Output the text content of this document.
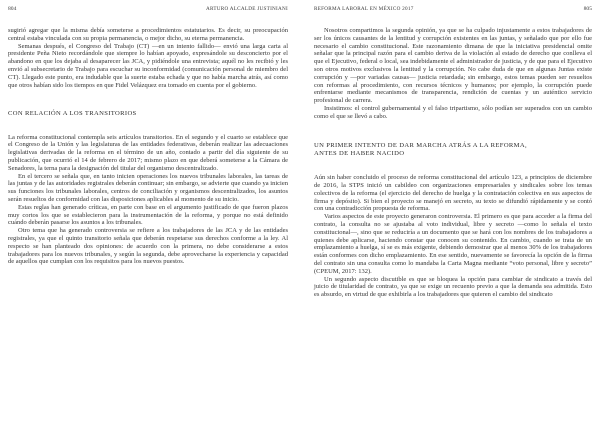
804	ARTURO ALCALDE JUSTINIANI

sugirió agregar que la misma debía someterse a procedimientos estatutarios. Es decir, su preocupación central estaba vinculada con su propia permanencia, o mejor dicho, su eterna permanencia.

Semanas después, el Congreso del Trabajo (CT) —en un intento fallido— envió una larga carta al presidente Peña Nieto recordándole que siempre lo habían apoyado, expresándole su desconcierto por el abandono en que los dejaba al desaparecer las JCA, y pidiéndole una entrevista; aquél no les recibió y les envió al subsecretario de Trabajo para escuchar su inconformidad (comunicación personal de miembro del CT). Llegado este punto, era indudable que la suerte estaba echada y que no había marcha atrás, así como que otros habían sido los tiempos en que Fidel Velázquez era tomado en cuenta por el gobierno.

CON RELACIÓN A LOS TRANSITORIOS

La reforma constitucional contempla seis artículos transitorios. En el segundo y el cuarto se establece que el Congreso de la Unión y las legislaturas de las entidades federativas, deberán realizar las adecuaciones legislativas derivadas de la reforma en el término de un año, contado a partir del día siguiente de su publicación, que ocurrió el 14 de febrero de 2017; mismo plazo en que deberá someterse a la Cámara de Senadores, la terna para la designación del titular del organismo descentralizado.

En el tercero se señala que, en tanto inicien operaciones los nuevos tribunales laborales, las tareas de las juntas y de las autoridades registrales deberán continuar; sin embargo, se advierte que cuando ya inicien sus funciones los tribunales laborales, centros de conciliación y organismos descentralizados, los asuntos serán resueltos de conformidad con las disposiciones aplicables al momento de su inicio.

Estas reglas han generado críticas, en parte con base en el argumento justificado de que fueron plazos muy cortos los que se establecieron para la instrumentación de la reforma, y porque no está definido cuándo deberán pasarse los asuntos a los tribunales.

Otro tema que ha generado controversia se refiere a los trabajadores de las JCA y de las entidades registrales, ya que el quinto transitorio señala que deberán respetarse sus derechos conforme a la ley. Al respecto se han planteado dos opiniones: de acuerdo con la primera, no debe considerarse a estos trabajadores para los nuevos tribunales, y según la segunda, debe aprovecharse la experiencia y capacidad de aquellos que cumplan con los requisitos para los nuevos puestos.

REFORMA LABORAL EN MÉXICO 2017	805

Nosotros compartimos la segunda opinión, ya que se ha culpado injustamente a estos trabajadores de ser los únicos causantes de la lentitud y corrupción existentes en las juntas, y señalado que por ello fue necesario el cambio constitucional. Este razonamiento dimana de que la iniciativa presidencial omite señalar que la principal razón para el cambio deriva de la violación al estado de derecho que conlleva el que el Ejecutivo, federal o local, sea indebidamente el administrador de justicia, y de que para el Ejecutivo son otros motivos exclusivos la lentitud y la corrupción. No cabe duda de que en algunas Juntas existe corrupción y —por variadas causas— justicia retardada; sin embargo, estos temas pueden ser resueltos con reformas al procedimiento, con recursos técnicos y humanos; por ejemplo, la corrupción puede enfrentarse mediante mecanismos de transparencia, rendición de cuentas y un auténtico servicio profesional de carrera.

Insistimos: el control gubernamental y el falso tripartismo, sólo podían ser superados con un cambio como el que se llevó a cabo.

UN PRIMER INTENTO DE DAR MARCHA ATRÁS A LA REFORMA,
ANTES DE HABER NACIDO

Aún sin haber concluido el proceso de reforma constitucional del artículo 123, a principios de diciembre de 2016, la STPS inició un cabildeo con organizaciones empresariales y sindicales sobre los temas colectivos de la reforma (el ejercicio del derecho de huelga y la contratación colectiva en sus aspectos de firma y depósito). Si bien el proyecto se manejó en secreto, su texto se difundió rápidamente y se contó con una contradicción propuesta de reforma.

Varios aspectos de este proyecto generaron controversia. El primero es que para acceder a la firma del contrato, la consulta no se ajustaba al voto individual, libre y secreto —como lo señala el texto constitucional—, sino que se reduciría a un documento que se hará con los nombres de los trabajadores a quienes debe aplicarse, haciendo constar que conocen su contenido. En cambio, cuando se trata de un emplazamiento a huelga, sí se es más exigente, debiendo demostrar que al menos 30% de los trabajadores están conformes con dicho emplazamiento. En ese sentido, nuevamente se favorecía la opción de la firma del contrato sin una consulta como lo mandaba la Carta Magna mediante “voto personal, libre y secreto” (CPEUM, 2017: 132).

Un segundo aspecto discutible es que se bloquea la opción para cambiar de sindicato a través del juicio de titularidad de contrato, ya que se exige un recuento previo a que la demanda sea admitida. Esto es absurdo, en virtud de que exhibirla a los trabajadores que quieren el cambio del sindicato
